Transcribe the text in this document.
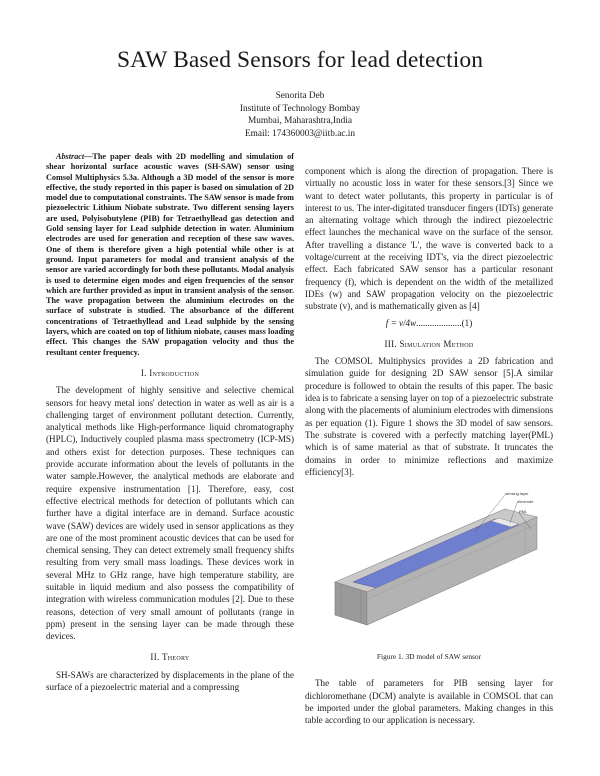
SAW Based Sensors for lead detection
Senorita Deb
Institute of Technology Bombay
Mumbai, Maharashtra,India
Email: 174360003@iitb.ac.in

Abstract—The paper deals with 2D modelling and simulation of shear horizontal surface acoustic waves (SH-SAW) sensor using Comsol Multiphysics 5.3a. Although a 3D model of the sensor is more effective, the study reported in this paper is based on simulation of 2D model due to computational constraints. The SAW sensor is made from piezoelectric Lithium Niobate substrate. Two different sensing layers are used, Polyisobutylene (PIB) for Tetraethyllead gas detection and Gold sensing layer for Lead sulphide detection in water. Aluminium electrodes are used for generation and reception of these saw waves. One of them is therefore given a high potential while other is at ground. Input parameters for modal and transient analysis of the sensor are varied accordingly for both these pollutants. Modal analysis is used to determine eigen modes and eigen frequencies of the sensor which are further provided as input in transient analysis of the sensor. The wave propagation between the aluminium electrodes on the surface of substrate is studied. The absorbance of the different concentrations of Tetraethyllead and Lead sulphide by the sensing layers, which are coated on top of lithium niobate, causes mass loading effect. This changes the SAW propagation velocity and thus the resultant center frequency.

I. Introduction

The development of highly sensitive and selective chemical sensors for heavy metal ions' detection in water as well as air is a challenging target of environment pollutant detection. Currently, analytical methods like High-performance liquid chromatography (HPLC), Inductively coupled plasma mass spectrometry (ICP-MS) and others exist for detection purposes. These techniques can provide accurate information about the levels of pollutants in the water sample.However, the analytical methods are elaborate and require expensive instrumentation [1]. Therefore, easy, cost effective electrical methods for detection of pollutants which can further have a digital interface are in demand. Surface acoustic wave (SAW) devices are widely used in sensor applications as they are one of the most prominent acoustic devices that can be used for chemical sensing. They can detect extremely small frequency shifts resulting from very small mass loadings. These devices work in several MHz to GHz range, have high temperature stability, are suitable in liquid medium and also possess the compatibility of integration with wireless communication modules [2]. Due to these reasons, detection of very small amount of pollutants (range in ppm) present in the sensing layer can be made through these devices.

II. Theory

SH-SAWs are characterized by displacements in the plane of the surface of a piezoelectric material and a compressing

component which is along the direction of propagation. There is virtually no acoustic loss in water for these sensors.[3] Since we want to detect water pollutants, this property in particular is of interest to us. The inter-digitated transducer fingers (IDTs) generate an alternating voltage which through the indirect piezoelectric effect launches the mechanical wave on the surface of the sensor. After travelling a distance 'L', the wave is converted back to a voltage/current at the receiving IDT's, via the direct piezoelectric effect. Each fabricated SAW sensor has a particular resonant frequency (f), which is dependent on the width of the metallized IDEs (w) and SAW propagation velocity on the piezoelectric substrate (v), and is mathematically given as [4]

f = v/4w....................(1)
III. Simulation Method

The COMSOL Multiphysics provides a 2D fabrication and simulation guide for designing 2D SAW sensor [5].A similar procedure is followed to obtain the results of this paper. The basic idea is to fabricate a sensing layer on top of a piezoelectric substrate along with the placements of aluminium electrodes with dimensions as per equation (1). Figure 1 shows the 3D model of saw sensors. The substrate is covered with a perfectly matching layer(PML) which is of same material as that of substrate. It truncates the domains in order to minimize reflections and maximize efficiency[3].

sensing layer
electrode
PML
Figure 1. 3D model of SAW sensor

The table of parameters for PIB sensing layer for dichloromethane (DCM) analyte is available in COMSOL that can be imported under the global parameters. Making changes in this table according to our application is necessary.
